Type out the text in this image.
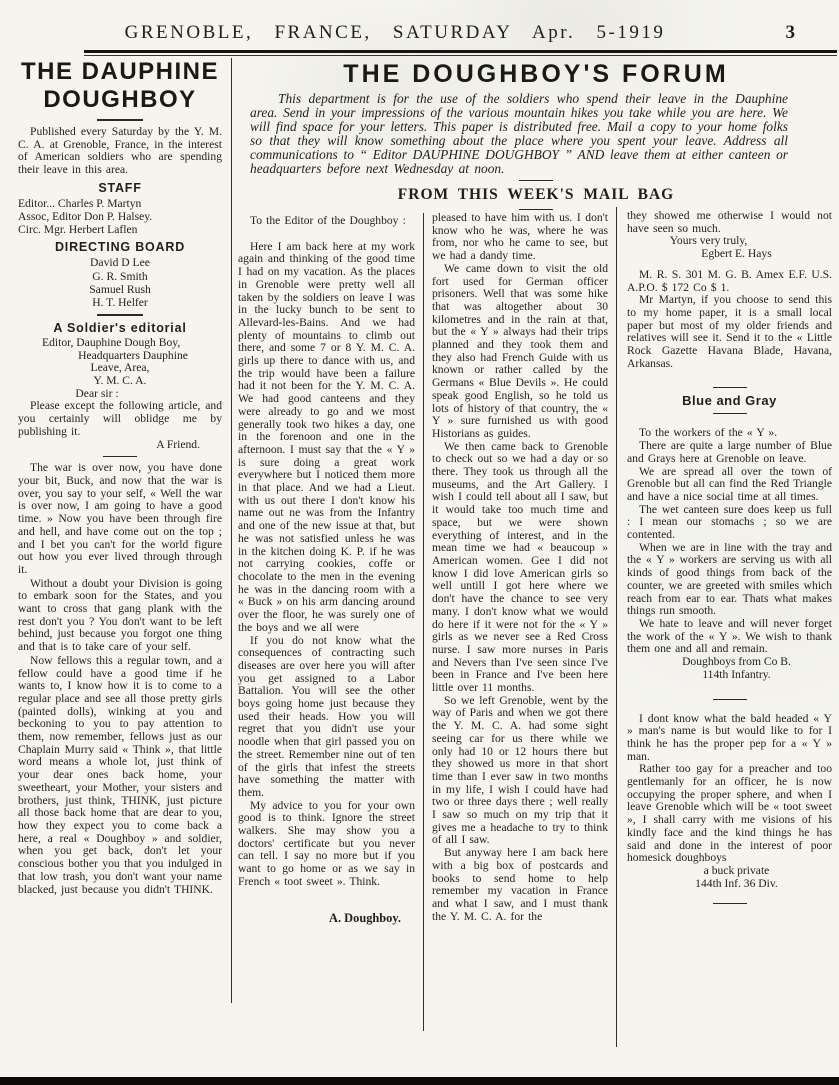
GRENOBLE, FRANCE, SATURDAY Apr. 5-1919	3
THE DAUPHINE DOUGHBOY

Published every Saturday by the Y. M. C. A. at Grenoble, France, in the interest of American soldiers who are spending their leave in this area.

STAFF

Editor... Charles P. Martyn

Assoc, Editor Don P. Halsey.

Circ. Mgr. Herbert Laflen

DIRECTING BOARD

David D Lee

G. R. Smith

Samuel Rush

H. T. Helfer

A Soldier's editorial

Editor, Dauphine Dough Boy,

Headquarters Dauphine

Leave, Area,

Y. M. C. A.

Dear sir :

Please except the following article, and you certainly will oblidge me by publishing it.

A Friend.

The war is over now, you have done your bit, Buck, and now that the war is over, you say to your self, « Well the war is over now, I am going to have a good time. » Now you have been through fire and hell, and have come out on the top ; and I bet you can't for the world figure out how you ever lived through through it.

Without a doubt your Division is going to embark soon for the States, and you want to cross that gang plank with the rest don't you ? You don't want to be left behind, just because you forgot one thing and that is to take care of your self.

Now fellows this a regular town, and a fellow could have a good time if he wants to, I know how it is to come to a regular place and see all those pretty girls (painted dolls), winking at you and beckoning to you to pay attention to them, now remember, fellows just as our Chaplain Murry said « Think », that little word means a whole lot, just think of your dear ones back home, your sweetheart, your Mother, your sisters and brothers, just think, THINK, just picture all those back home that are dear to you, how they expect you to come back a here, a real « Doughboy » and soldier, when you get back, don't let your conscious bother you that you indulged in that low trash, you don't want your name blacked, just because you didn't THINK.

THE DOUGHBOY'S FORUM

This department is for the use of the soldiers who spend their leave in the Dauphine area. Send in your impressions of the various mountain hikes you take while you are here. We will find space for your letters. This paper is distributed free. Mail a copy to your home folks so that they will know something about the place where you spent your leave. Address all communications to “ Editor DAUPHINE DOUGHBOY ” AND leave them at either canteen or headquarters before next Wednesday at noon.

FROM THIS WEEK'S MAIL BAG

To the Editor of the Doughboy :

Here I am back here at my work again and thinking of the good time I had on my vacation. As the places in Grenoble were pretty well all taken by the soldiers on leave I was in the lucky bunch to be sent to Allevard-les-Bains. And we had plenty of mountains to climb out there, and some 7 or 8 Y. M. C. A. girls up there to dance with us, and the trip would have been a failure had it not been for the Y. M. C. A. We had good canteens and they were already to go and we most generally took two hikes a day, one in the forenoon and one in the afternoon. I must say that the « Y » is sure doing a great work everywhere but I noticed them more in that place. And we had a Lieut. with us out there I don't know his name out ne was from the Infantry and one of the new issue at that, but he was not satisfied unless he was in the kitchen doing K. P. if he was not carrying cookies, coffe or chocolate to the men in the evening he was in the dancing room with a « Buck » on his arm dancing around over the floor, he was surely one of the boys and we all were

If you do not know what the consequences of contracting such diseases are over here you will after you get assigned to a Labor Battalion. You will see the other boys going home just because they used their heads. How you will regret that you didn't use your noodle when that girl passed you on the street. Remember nine out of ten of the girls that infest the streets have something the matter with them.

My advice to you for your own good is to think. Ignore the street walkers. She may show you a doctors' certificate but you never can tell. I say no more but if you want to go home or as we say in French « toot sweet ». Think.

A. Doughboy.

pleased to have him with us. I don't know who he was, where he was from, nor who he came to see, but we had a dandy time.

We came down to visit the old fort used for German officer prisoners. Well that was some hike that was altogether about 30 kilometres and in the rain at that, but the « Y » always had their trips planned and they took them and they also had French Guide with us known or rather called by the Germans « Blue Devils ». He could speak good English, so he told us lots of history of that country, the « Y » sure furnished us with good Historians as guides.

We then came back to Grenoble to check out so we had a day or so there. They took us through all the museums, and the Art Gallery. I wish I could tell about all I saw, but it would take too much time and space, but we were shown everything of interest, and in the mean time we had « beaucoup » American women. Gee I did not know I did love American girls so well untill I got here where we don't have the chance to see very many. I don't know what we would do here if it were not for the « Y » girls as we never see a Red Cross nurse. I saw more nurses in Paris and Nevers than I've seen since I've been in France and I've been here little over 11 months.

So we left Grenoble, went by the way of Paris and when we got there the Y. M. C. A. had some sight seeing car for us there while we only had 10 or 12 hours there but they showed us more in that short time than I ever saw in two months in my life, I wish I could have had two or three days there ; well really I saw so much on my trip that it gives me a headache to try to think of all I saw.

But anyway here I am back here with a big box of postcards and books to send home to help remember my vacation in France and what I saw, and I must thank the Y. M. C. A. for the

they showed me otherwise I would not have seen so much.

Yours very truly,

Egbert E. Hays

M. R. S. 301 M. G. B. Amex E.F. U.S. A.P.O. $ 172 Co $ 1.

Mr Martyn, if you choose to send this to my home paper, it is a small local paper but most of my older friends and relatives will see it. Send it to the « Little Rock Gazette Havana Blade, Havana, Arkansas.

Blue and Gray

To the workers of the « Y ».

There are quite a large number of Blue and Grays here at Grenoble on leave.

We are spread all over the town of Grenoble but all can find the Red Triangle and have a nice social time at all times.

The wet canteen sure does keep us full : I mean our stomachs ; so we are contented.

When we are in line with the tray and the « Y » workers are serving us with all kinds of good things from back of the counter, we are greeted with smiles which reach from ear to ear. Thats what makes things run smooth.

We hate to leave and will never forget the work of the « Y ». We wish to thank them one and all and remain.

Doughboys from Co B.

114th Infantry.

I dont know what the bald headed « Y » man's name is but would like to for I think he has the proper pep for a « Y » man.

Rather too gay for a preacher and too gentlemanly for an officer, he is now occupying the proper sphere, and when I leave Grenoble which will be « toot sweet », I shall carry with me visions of his kindly face and the kind things he has said and done in the interest of poor homesick doughboys

a buck private

144th Inf. 36 Div.
